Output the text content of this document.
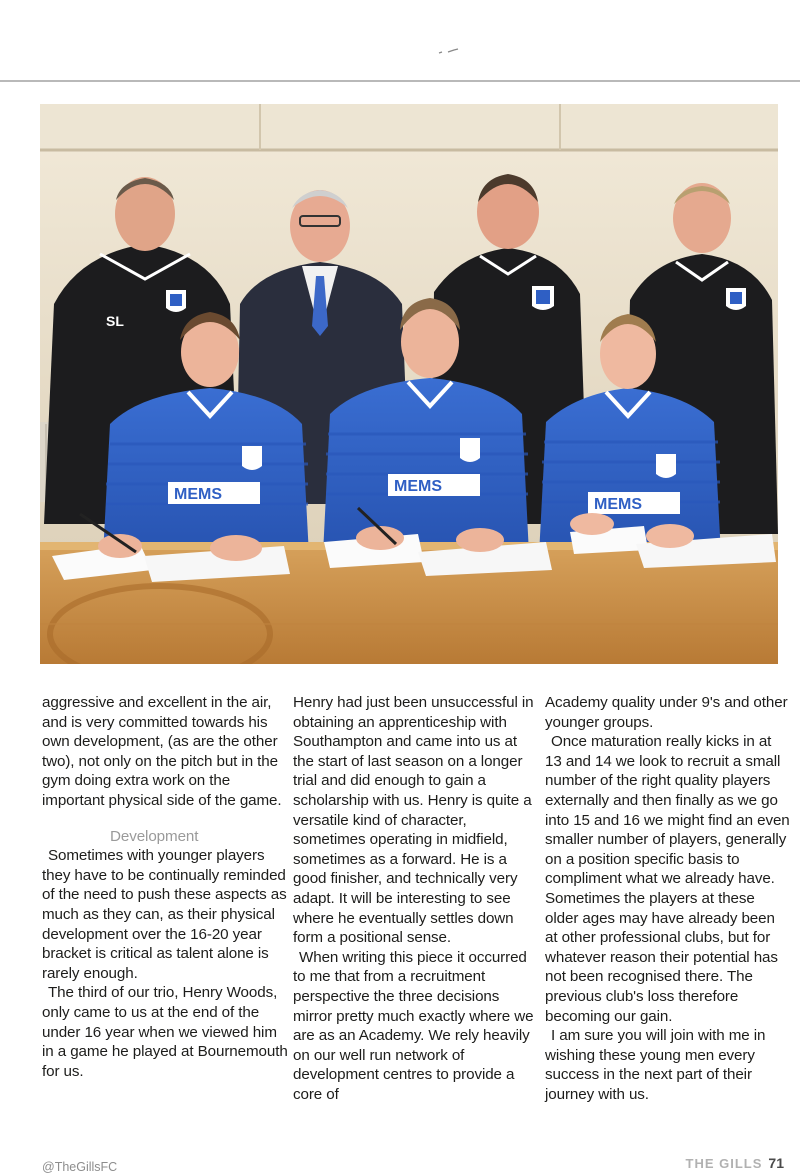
SL
MEMS	MEMS
MEMS

aggressive and excellent in the air, and is very committed towards his own development, (as are the other two), not only on the pitch but in the gym doing extra work on the important physical side of the game.

Development

Sometimes with younger players they have to be continually reminded of the need to push these aspects as much as they can, as their physical development over the 16-20 year bracket is critical as talent alone is rarely enough.

The third of our trio, Henry Woods, only came to us at the end of the under 16 year when we viewed him in a game he played at Bournemouth for us.

Henry had just been unsuccessful in obtaining an apprenticeship with Southampton and came into us at the start of last season on a longer trial and did enough to gain a scholarship with us. Henry is quite a versatile kind of character, sometimes operating in midfield, sometimes as a forward. He is a good finisher, and technically very adapt. It will be interesting to see where he eventually settles down form a positional sense.

When writing this piece it occurred to me that from a recruitment perspective the three decisions mirror pretty much exactly where we are as an Academy. We rely heavily on our well run network of development centres to provide a core of

Academy quality under 9's and other younger groups.

Once maturation really kicks in at 13 and 14 we look to recruit a small number of the right quality players externally and then finally as we go into 15 and 16 we might find an even smaller number of players, generally on a position specific basis to compliment what we already have. Sometimes the players at these older ages may have already been at other professional clubs, but for whatever reason their potential has not been recognised there. The previous club's loss therefore becoming our gain.

I am sure you will join with me in wishing these young men every success in the next part of their journey with us.

@TheGillsFC	THE GILLS 71
